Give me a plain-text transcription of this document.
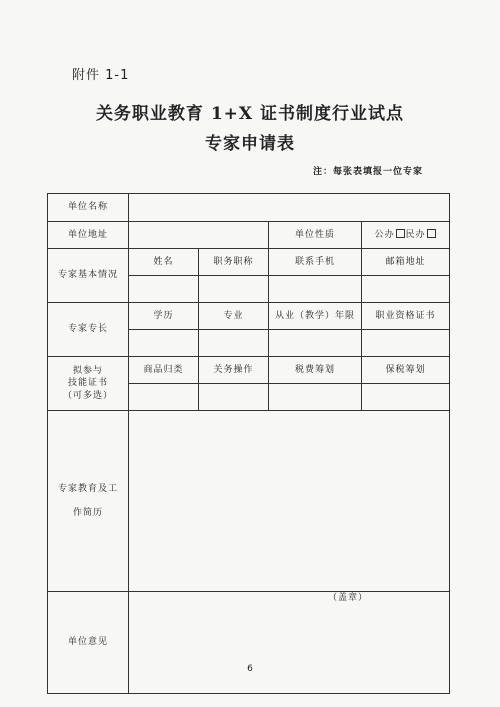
附件 1-1
关务职业教育 1+X 证书制度行业试点
专家申请表
注：每张表填报一位专家
单位名称				
单位地址			单位性质	公办 民办
专家基本情况	姓名	职务职称	联系手机	邮箱地址

专家专长	学历	专业	从业（教学）年限	职业资格证书

拟参与
技能证书
（可多选）	商品归类	关务操作	税费筹划	保税筹划

专家教育及工
作简历				

单位意见				
（盖章）
6
